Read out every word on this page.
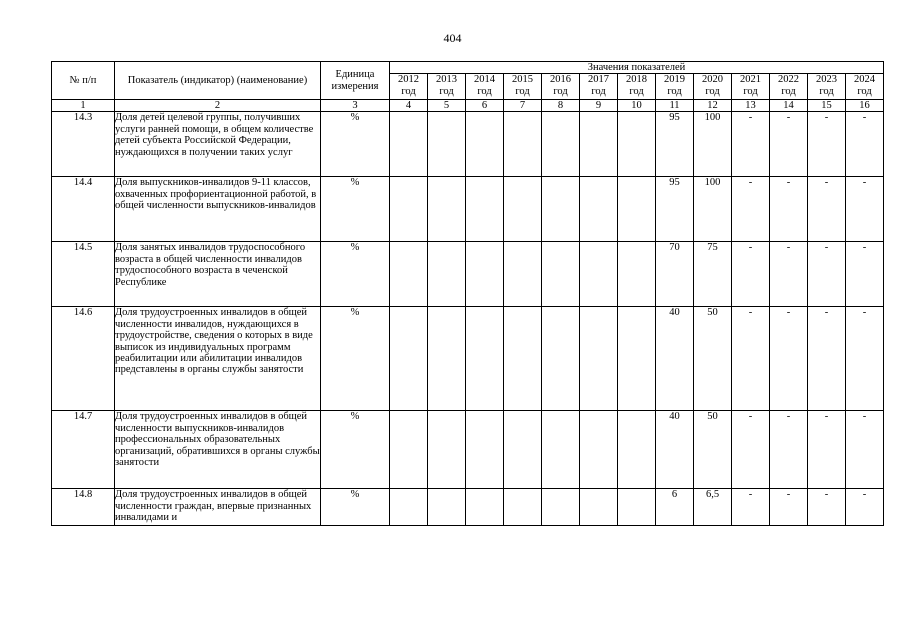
404
№ п/п	Показатель (индикатор) (наименование)	Единица измерения	Значения показателей												
			2012 год	2013 год	2014 год	2015 год	2016 год	2017 год	2018 год	2019 год	2020 год	2021 год	2022 год	2023 год	2024 год
1	2	3	4	5	6	7	8	9	10	11	12	13	14	15	16
14.3	Доля детей целевой группы, получивших услуги ранней помощи, в общем количестве детей субъекта Российской Федерации, нуждающихся в получении таких услуг	%								95	100	-	-	-	-
14.4	Доля выпускников-инвалидов 9-11 классов, охваченных профориентационной работой, в общей численности выпускников-инвалидов	%								95	100	-	-	-	-
14.5	Доля занятых инвалидов трудоспособного возраста в общей численности инвалидов трудоспособного возраста в чеченской Республике	%								70	75	-	-	-	-
14.6	Доля трудоустроенных инвалидов в общей численности инвалидов, нуждающихся в трудоустройстве, сведения о которых в виде выписок из индивидуальных программ реабилитации или абилитации инвалидов представлены в органы службы занятости	%								40	50	-	-	-	-
14.7	Доля трудоустроенных инвалидов в общей численности выпускников-инвалидов профессиональных образовательных организаций, обратившихся в органы службы занятости	%								40	50	-	-	-	-
14.8	Доля трудоустроенных инвалидов в общей численности граждан, впервые признанных инвалидами и	%								6	6,5	-	-	-	-
